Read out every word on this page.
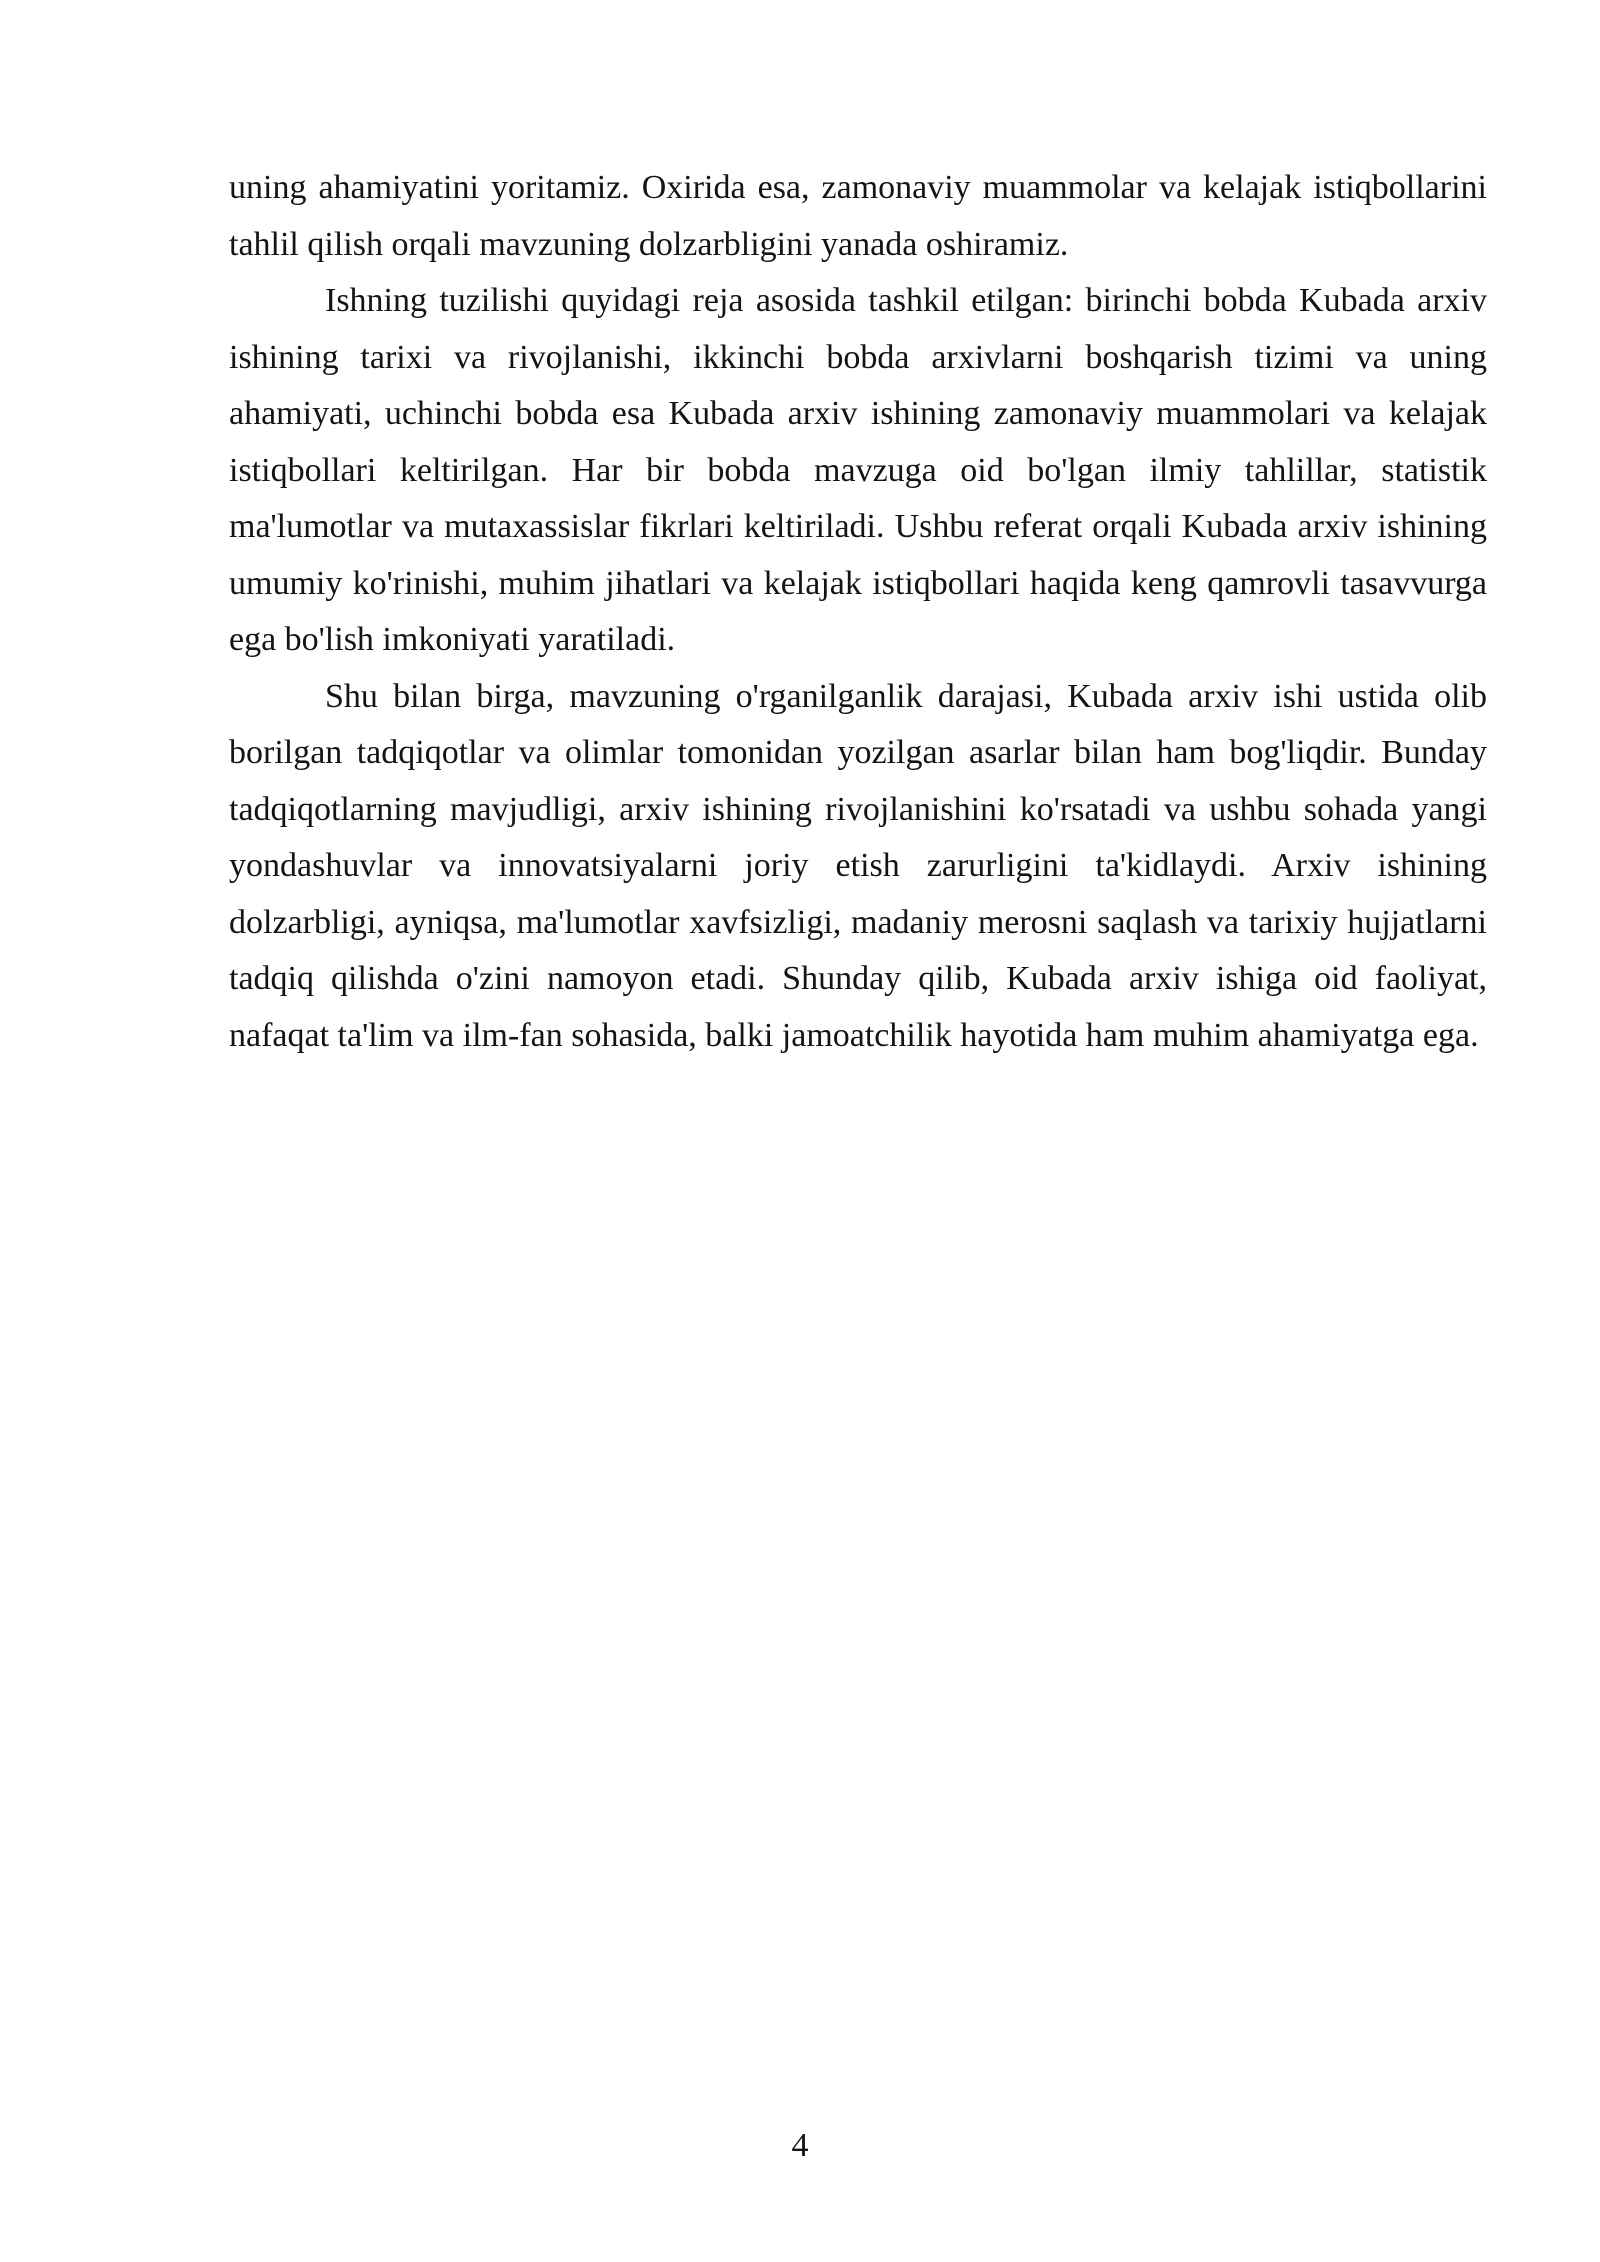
uning ahamiyatini yoritamiz. Oxirida esa, zamonaviy muammolar va kelajak istiqbollarini tahlil qilish orqali mavzuning dolzarbligini yanada oshiramiz.

Ishning tuzilishi quyidagi reja asosida tashkil etilgan: birinchi bobda Kubada arxiv ishining tarixi va rivojlanishi, ikkinchi bobda arxivlarni boshqarish tizimi va uning ahamiyati, uchinchi bobda esa Kubada arxiv ishining zamonaviy muammolari va kelajak istiqbollari keltirilgan. Har bir bobda mavzuga oid bo'lgan ilmiy tahlillar, statistik ma'lumotlar va mutaxassislar fikrlari keltiriladi. Ushbu referat orqali Kubada arxiv ishining umumiy ko'rinishi, muhim jihatlari va kelajak istiqbollari haqida keng qamrovli tasavvurga ega bo'lish imkoniyati yaratiladi.

Shu bilan birga, mavzuning o'rganilganlik darajasi, Kubada arxiv ishi ustida olib borilgan tadqiqotlar va olimlar tomonidan yozilgan asarlar bilan ham bog'liqdir. Bunday tadqiqotlarning mavjudligi, arxiv ishining rivojlanishini ko'rsatadi va ushbu sohada yangi yondashuvlar va innovatsiyalarni joriy etish zarurligini ta'kidlaydi. Arxiv ishining dolzarbligi, ayniqsa, ma'lumotlar xavfsizligi, madaniy merosni saqlash va tarixiy hujjatlarni tadqiq qilishda o'zini namoyon etadi. Shunday qilib, Kubada arxiv ishiga oid faoliyat, nafaqat ta'lim va ilm-fan sohasida, balki jamoatchilik hayotida ham muhim ahamiyatga ega.

4
